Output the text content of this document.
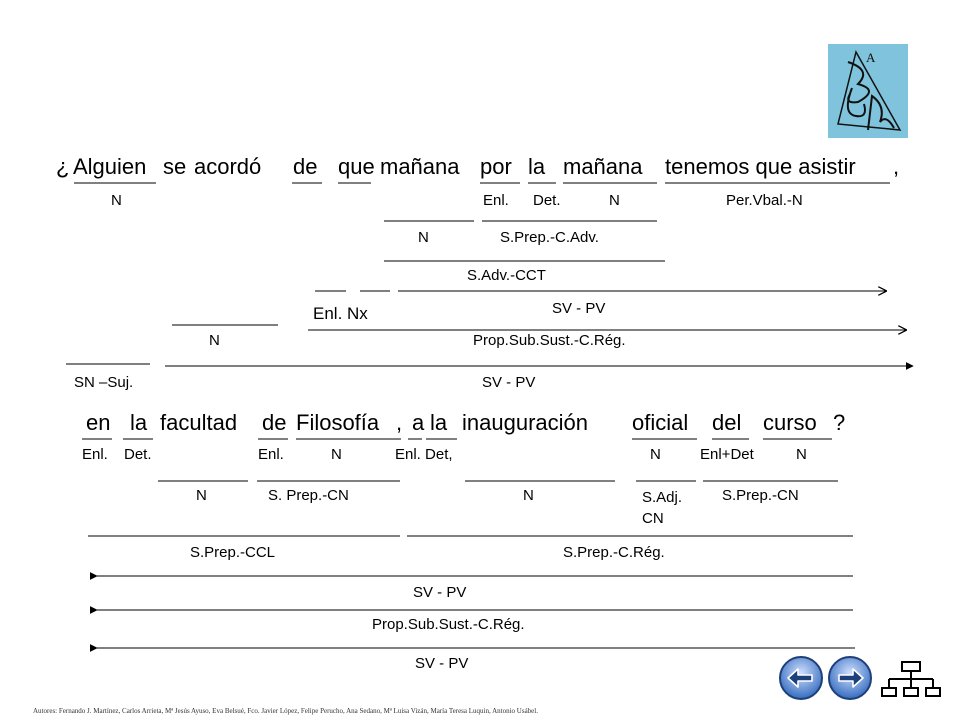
A
¿ Alguien se acordó de que mañana por la mañana tenemos que asistir ,
N	Enl. Det.	N	Per.Vbal.-N
N	S.Prep.-C.Adv.
S.Adv.-CCT
SV - PV
Enl. Nx
N	Prop.Sub.Sust.-C.Rég.
SN –Suj.	SV - PV
en la facultad de Filosofía , a la inauguración oficial del curso ?
Enl. Det.	Enl.	N	Enl. Det,	N	Enl+Det	N
N	S. Prep.-CN	N	S.Adj.
CN
S.Prep.-CN
S.Prep.-CCL	S.Prep.-C.Rég.
SV - PV
Prop.Sub.Sust.-C.Rég.
SV - PV
Autores: Fernando J. Martínez, Carlos Arrieta, Mª Jesús Ayuso, Eva Belsué, Fco. Javier López, Felipe Perucho, Ana Sedano, Mª Luisa Vizán, María Teresa Luquin, Antonio Usábel.
